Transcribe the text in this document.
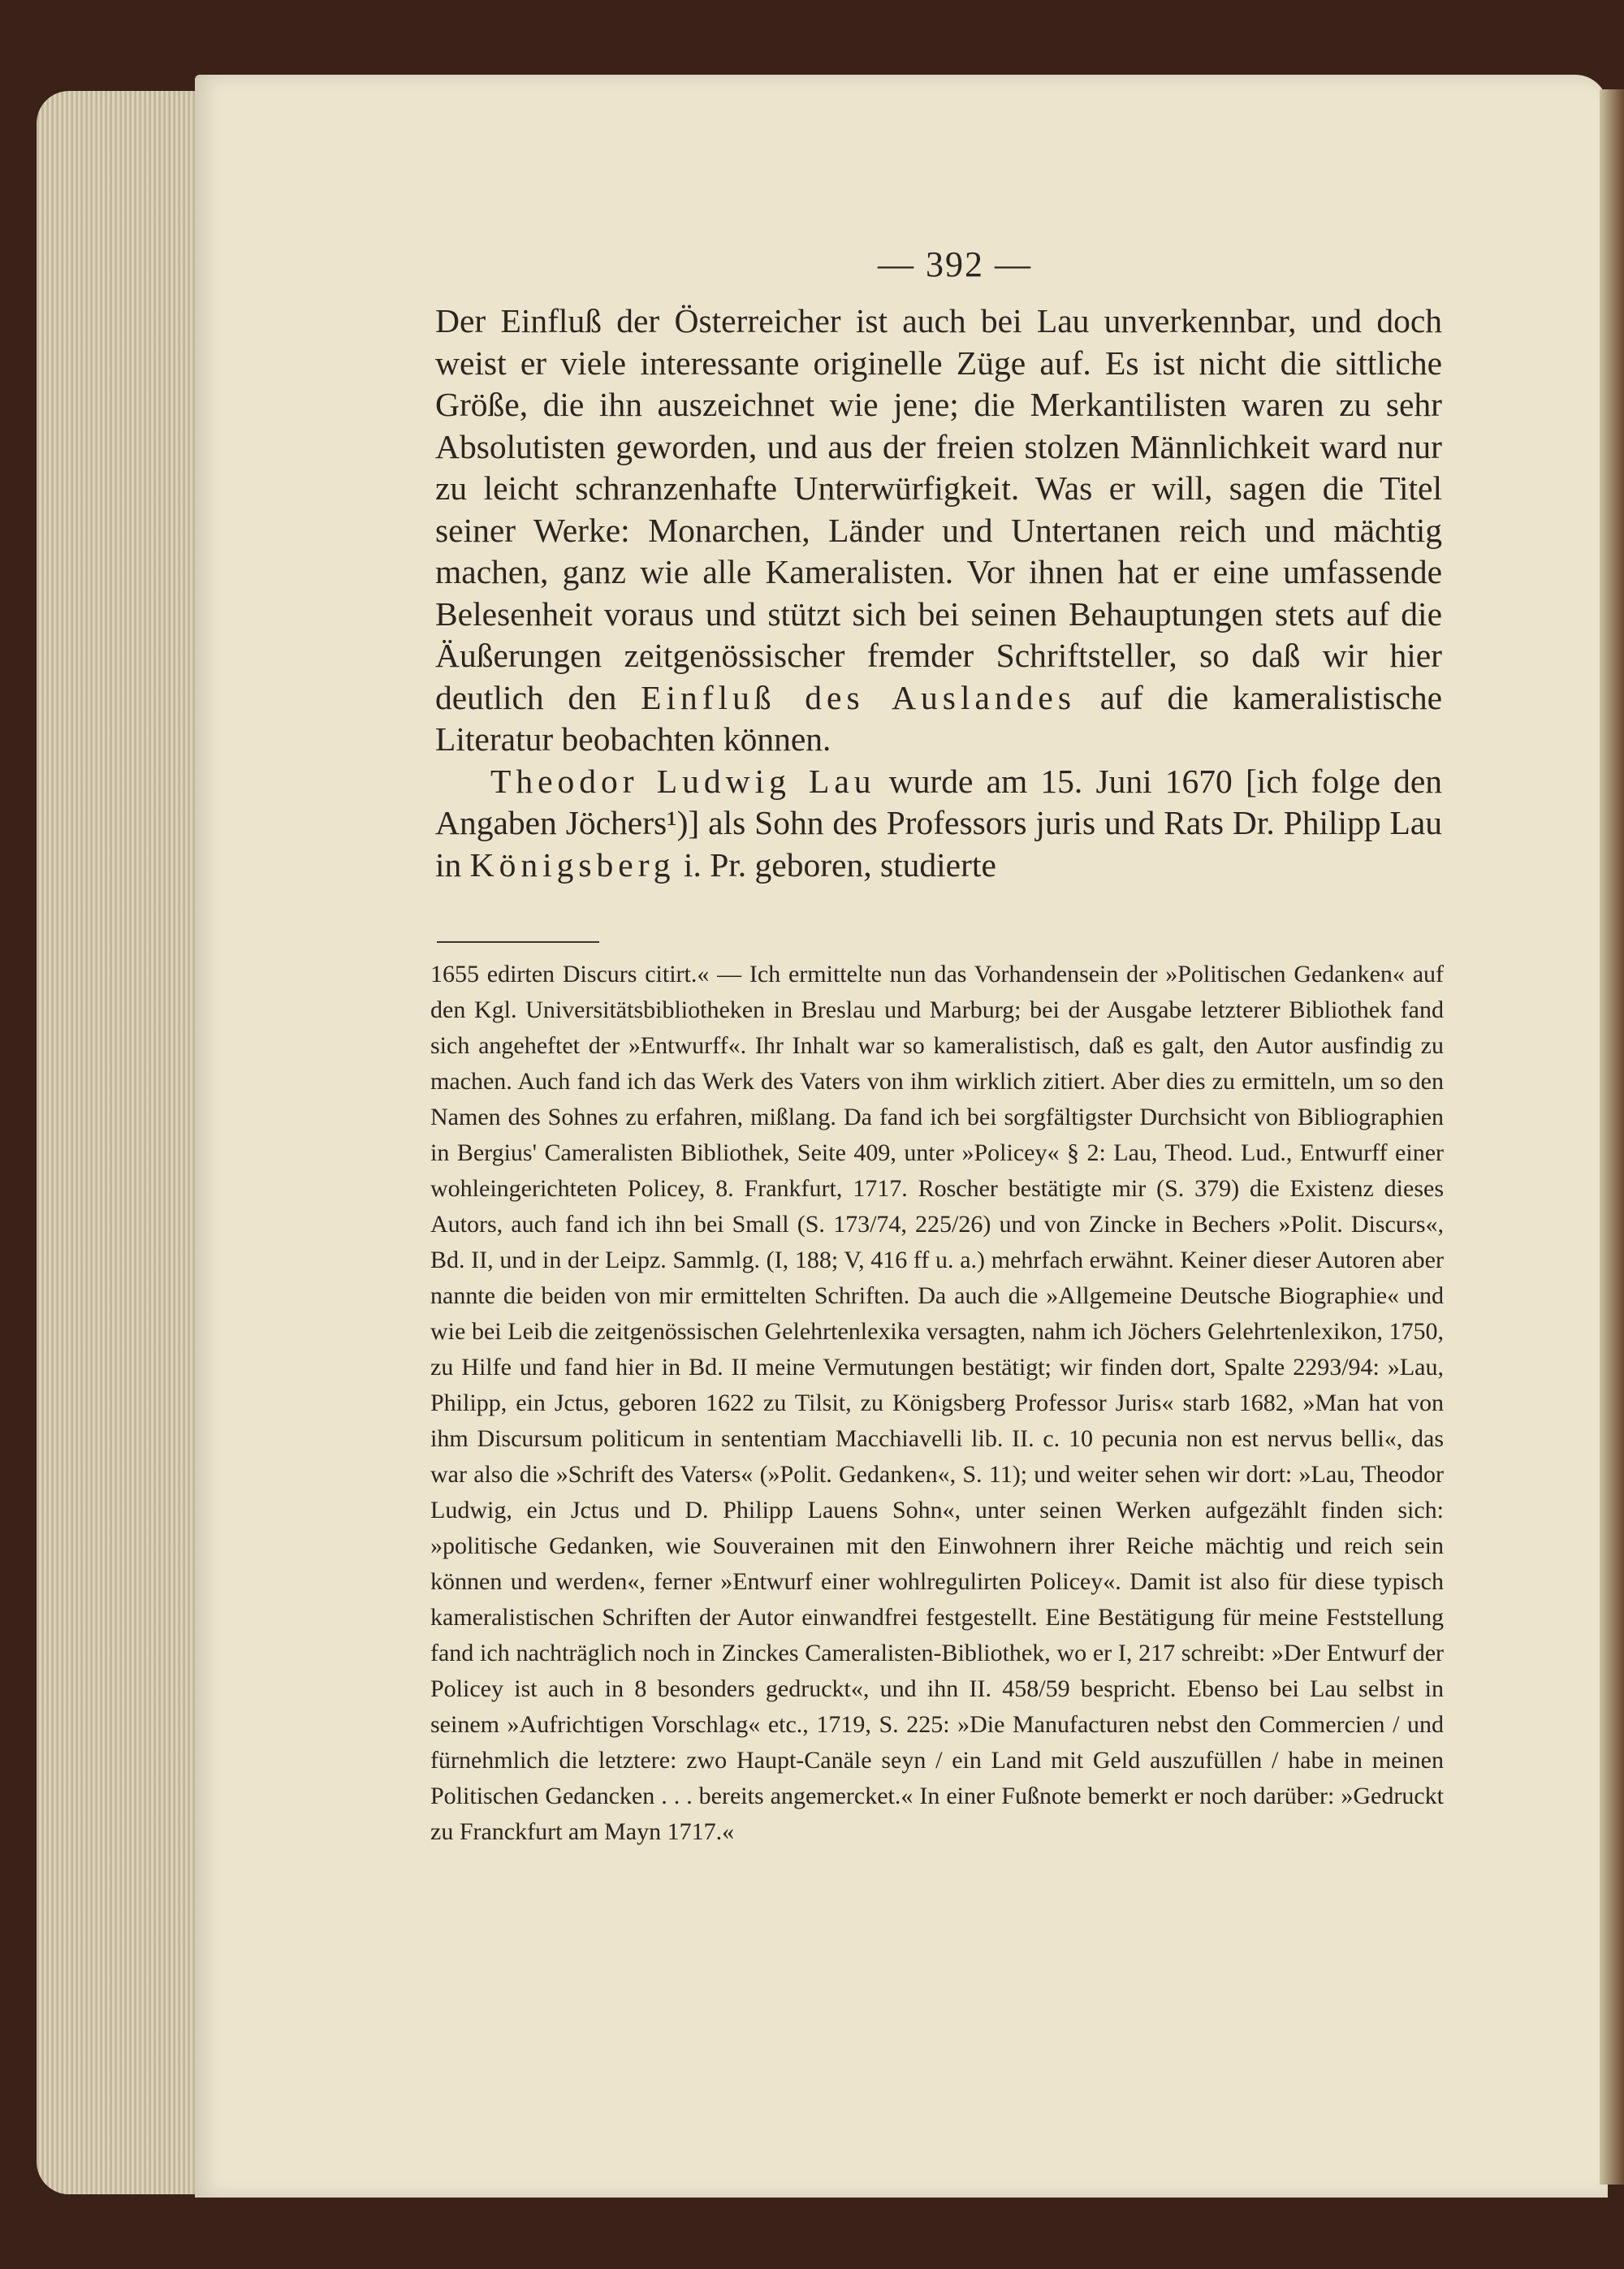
— 392 —

Der Einfluß der Österreicher ist auch bei Lau unverkennbar, und doch weist er viele interessante originelle Züge auf. Es ist nicht die sittliche Größe, die ihn auszeichnet wie jene; die Merkantilisten waren zu sehr Absolutisten geworden, und aus der freien stolzen Männlichkeit ward nur zu leicht schranzenhafte Unterwürfigkeit. Was er will, sagen die Titel seiner Werke: Monarchen, Länder und Untertanen reich und mächtig machen, ganz wie alle Kameralisten. Vor ihnen hat er eine umfassende Belesenheit voraus und stützt sich bei seinen Behauptungen stets auf die Äußerungen zeitgenössischer fremder Schriftsteller, so daß wir hier deutlich den Einfluß des Auslandes auf die kameralistische Literatur beobachten können.

Theodor Ludwig Lau wurde am 15. Juni 1670 [ich folge den Angaben Jöchers¹)] als Sohn des Professors juris und Rats Dr. Philipp Lau in Königsberg i. Pr. geboren, studierte

1655 edirten Discurs citirt.« — Ich ermittelte nun das Vorhandensein der »Politischen Gedanken« auf den Kgl. Universitätsbibliotheken in Breslau und Marburg; bei der Ausgabe letzterer Bibliothek fand sich angeheftet der »Entwurff«. Ihr Inhalt war so kameralistisch, daß es galt, den Autor ausfindig zu machen. Auch fand ich das Werk des Vaters von ihm wirklich zitiert. Aber dies zu ermitteln, um so den Namen des Sohnes zu erfahren, mißlang. Da fand ich bei sorgfältigster Durchsicht von Bibliographien in Bergius' Cameralisten Bibliothek, Seite 409, unter »Policey« § 2: Lau, Theod. Lud., Entwurff einer wohleingerichteten Policey, 8. Frankfurt, 1717. Roscher bestätigte mir (S. 379) die Existenz dieses Autors, auch fand ich ihn bei Small (S. 173/74, 225/26) und von Zincke in Bechers »Polit. Discurs«, Bd. II, und in der Leipz. Sammlg. (I, 188; V, 416 ff u. a.) mehrfach erwähnt. Keiner dieser Autoren aber nannte die beiden von mir ermittelten Schriften. Da auch die »Allgemeine Deutsche Biographie« und wie bei Leib die zeitgenössischen Gelehrtenlexika versagten, nahm ich Jöchers Gelehrtenlexikon, 1750, zu Hilfe und fand hier in Bd. II meine Vermutungen bestätigt; wir finden dort, Spalte 2293/94: »Lau, Philipp, ein Jctus, geboren 1622 zu Tilsit, zu Königsberg Professor Juris« starb 1682, »Man hat von ihm Discursum politicum in sententiam Macchiavelli lib. II. c. 10 pecunia non est nervus belli«, das war also die »Schrift des Vaters« (»Polit. Gedanken«, S. 11); und weiter sehen wir dort: »Lau, Theodor Ludwig, ein Jctus und D. Philipp Lauens Sohn«, unter seinen Werken aufgezählt finden sich: »politische Gedanken, wie Souverainen mit den Einwohnern ihrer Reiche mächtig und reich sein können und werden«, ferner »Entwurf einer wohlregulirten Policey«. Damit ist also für diese typisch kameralistischen Schriften der Autor einwandfrei festgestellt. Eine Bestätigung für meine Feststellung fand ich nachträglich noch in Zinckes Cameralisten-Bibliothek, wo er I, 217 schreibt: »Der Entwurf der Policey ist auch in 8 besonders gedruckt«, und ihn II. 458/59 bespricht. Ebenso bei Lau selbst in seinem »Aufrichtigen Vorschlag« etc., 1719, S. 225: »Die Manufacturen nebst den Commercien / und fürnehmlich die letztere: zwo Haupt-Canäle seyn / ein Land mit Geld auszufüllen / habe in meinen Politischen Gedancken . . . bereits angemercket.« In einer Fußnote bemerkt er noch darüber: »Gedruckt zu Franckfurt am Mayn 1717.«
